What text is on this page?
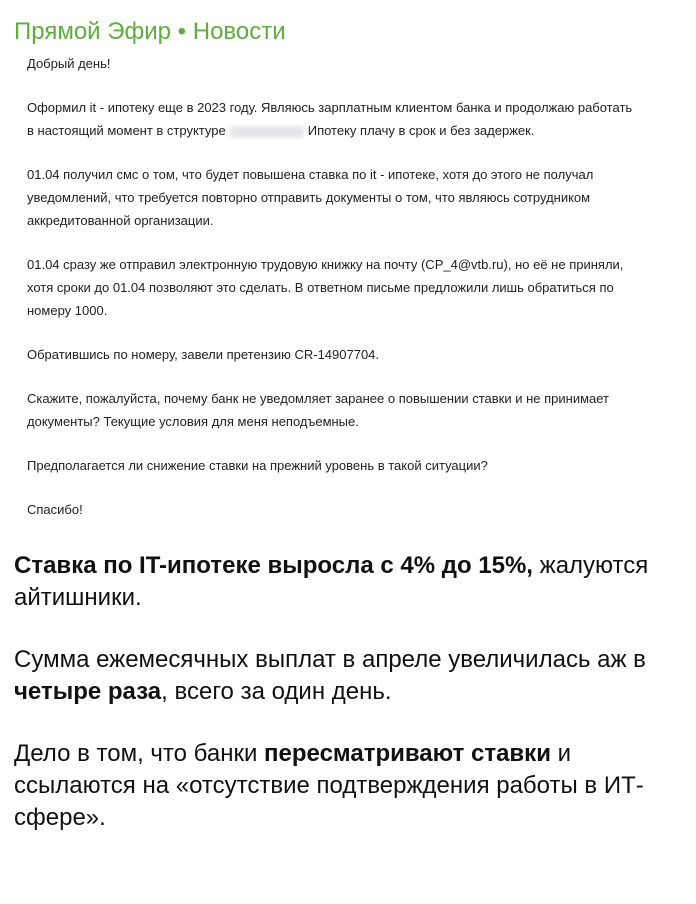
Прямой Эфир • Новости

Добрый день!

Оформил it - ипотеку еще в 2023 году. Являюсь зарплатным клиентом банка и продолжаю работать в настоящий момент в структуре	Ипотеку плачу в срок и без задержек.

01.04 получил смс о том, что будет повышена ставка по it - ипотеке, хотя до этого не получал уведомлений, что требуется повторно отправить документы о том, что являюсь сотрудником аккредитованной организации.

01.04 сразу же отправил электронную трудовую книжку на почту (CP_4@vtb.ru), но её не приняли, хотя сроки до 01.04 позволяют это сделать. В ответном письме предложили лишь обратиться по номеру 1000.

Обратившись по номеру, завели претензию CR-14907704.

Скажите, пожалуйста, почему банк не уведомляет заранее о повышении ставки и не принимает документы? Текущие условия для меня неподъемные.

Предполагается ли снижение ставки на прежний уровень в такой ситуации?

Спасибо!

Ставка по IT-ипотеке выросла с 4% до 15%, жалуются айтишники.

Сумма ежемесячных выплат в апреле увеличилась аж в четыре раза, всего за один день.

Дело в том, что банки пересматривают ставки и ссылаются на «отсутствие подтверждения работы в ИТ-сфере».
